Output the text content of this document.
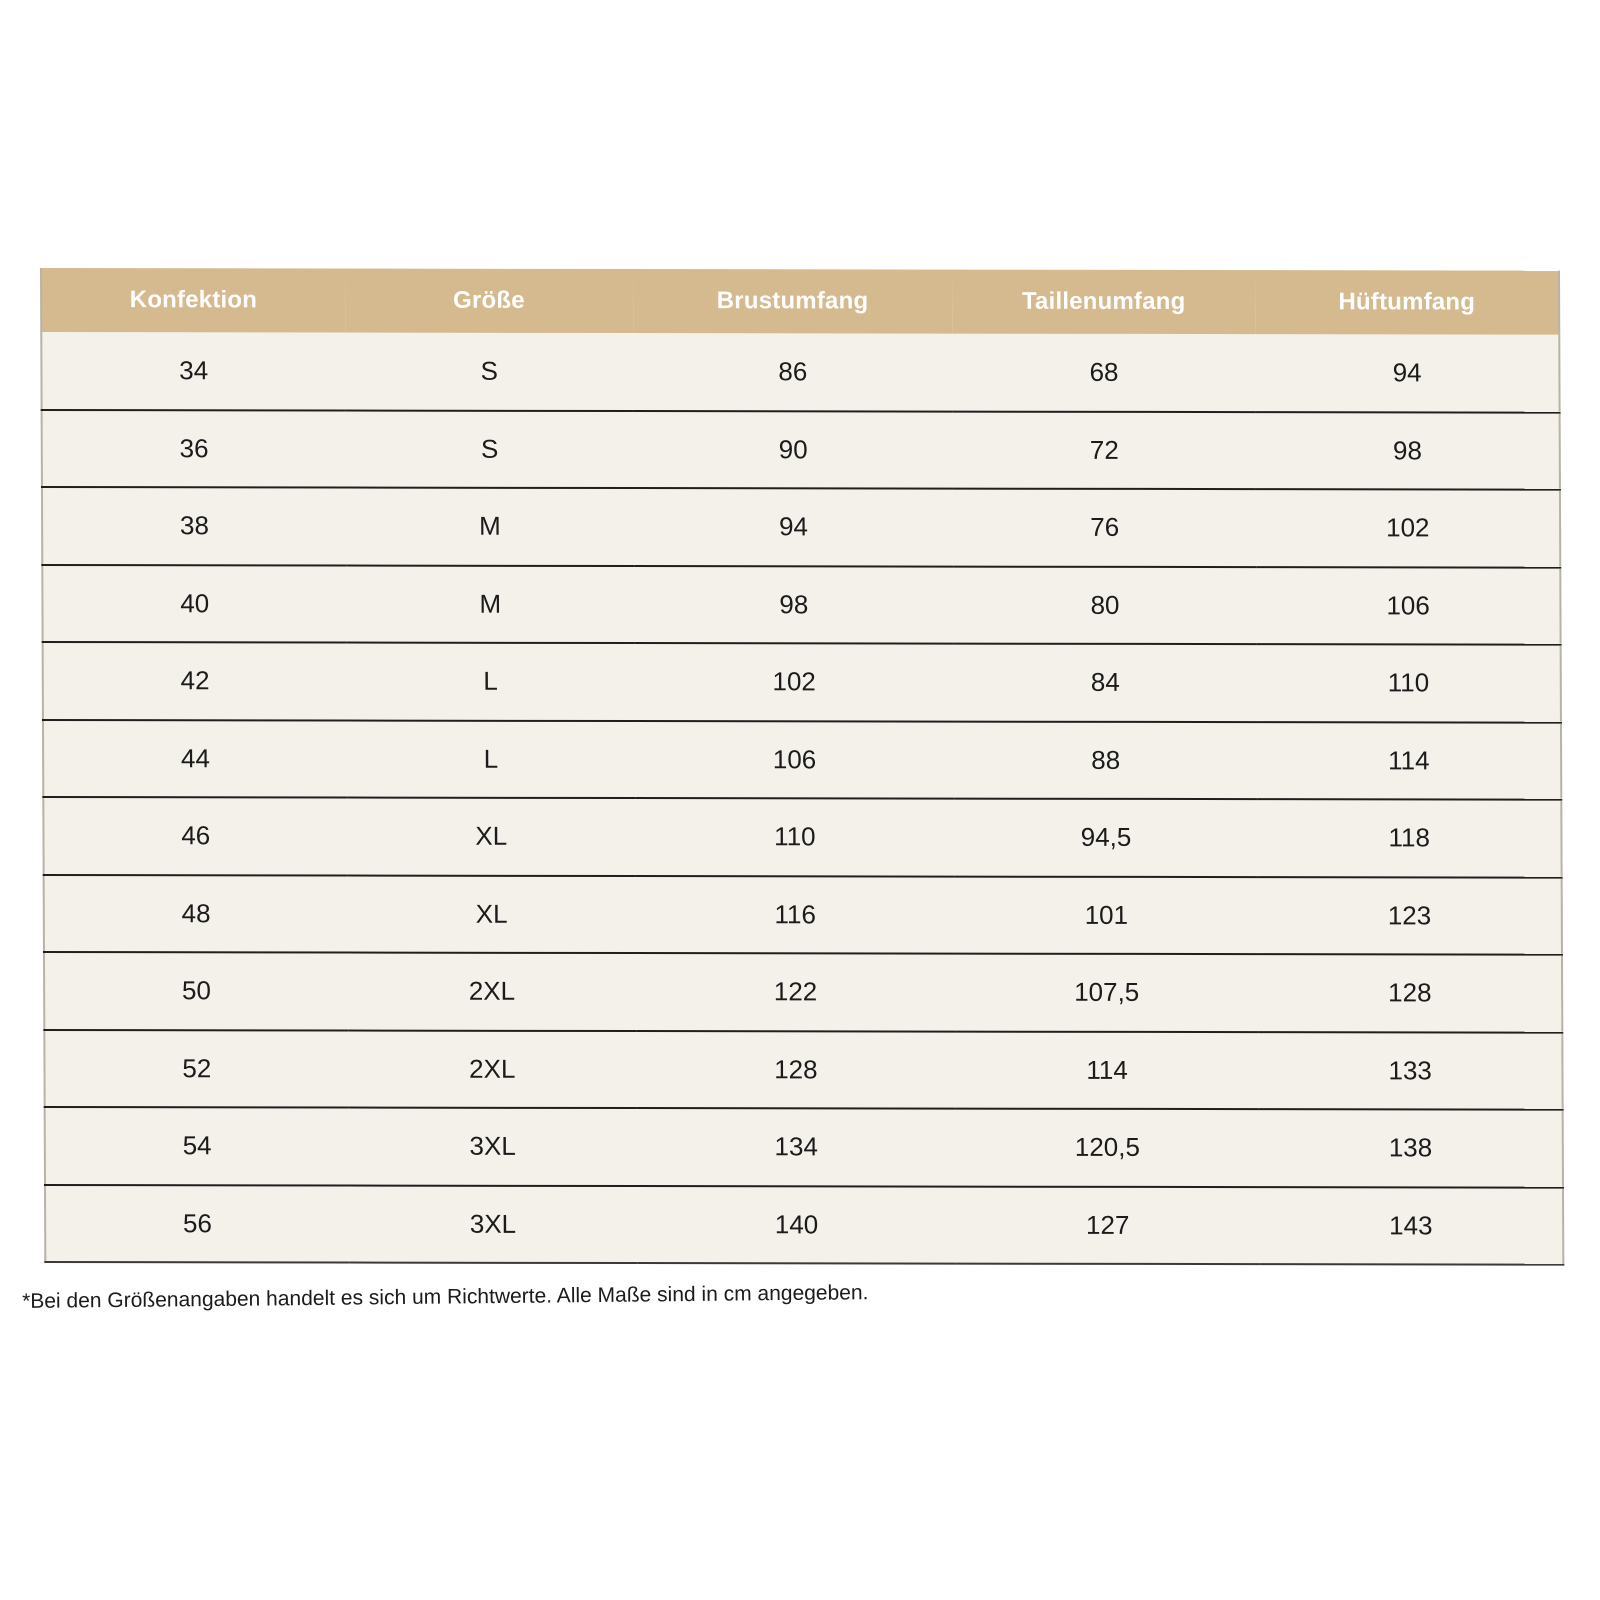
Konfektion	Größe	Brustumfang	Taillenumfang	Hüftumfang
34	S	86	68	94
36	S	90	72	98
38	M	94	76	102
40	M	98	80	106
42	L	102	84	110
44	L	106	88	114
46	XL	110	94,5	118
48	XL	116	101	123
50	2XL	122	107,5	128
52	2XL	128	114	133
54	3XL	134	120,5	138
56	3XL	140	127	143
*Bei den Größenangaben handelt es sich um Richtwerte. Alle Maße sind in cm angegeben.
